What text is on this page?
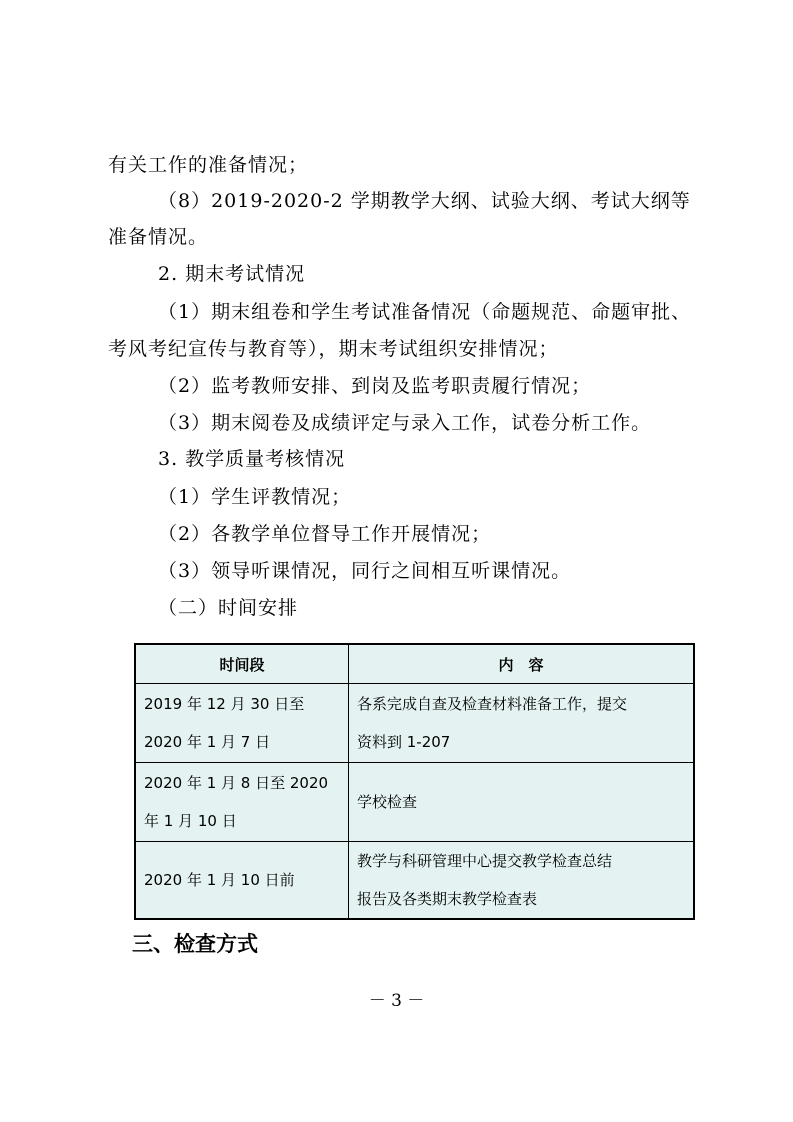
有关工作的准备情况；
（8）2019-2020-2 学期教学大纲、试验大纲、考试大纲等
准备情况。
2. 期末考试情况
（1）期末组卷和学生考试准备情况（命题规范、命题审批、
考风考纪宣传与教育等），期末考试组织安排情况；
（2）监考教师安排、到岗及监考职责履行情况；
（3）期末阅卷及成绩评定与录入工作，试卷分析工作。
3. 教学质量考核情况
（1）学生评教情况；
（2）各教学单位督导工作开展情况；
（3）领导听课情况，同行之间相互听课情况。
（二）时间安排
时间段	内　容

2019 年 12 月 30 日至
2020 年 1 月 7 日	各系完成自查及检查材料准备工作，提交
资料到 1-207

2020 年 1 月 8 日至 2020
年 1 月 10 日	学校检查

2020 年 1 月 10 日前	教学与科研管理中心提交教学检查总结
报告及各类期末教学检查表
三、检查方式
－ 3 －
